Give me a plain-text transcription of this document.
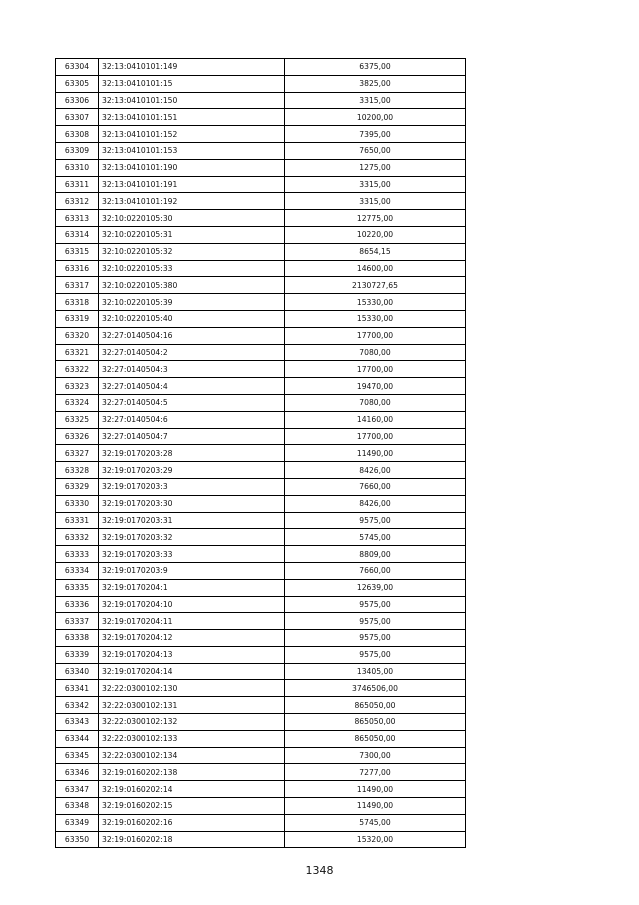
63304	32:13:0410101:149	6375,00
63305	32:13:0410101:15	3825,00
63306	32:13:0410101:150	3315,00
63307	32:13:0410101:151	10200,00
63308	32:13:0410101:152	7395,00
63309	32:13:0410101:153	7650,00
63310	32:13:0410101:190	1275,00
63311	32:13:0410101:191	3315,00
63312	32:13:0410101:192	3315,00
63313	32:10:0220105:30	12775,00
63314	32:10:0220105:31	10220,00
63315	32:10:0220105:32	8654,15
63316	32:10:0220105:33	14600,00
63317	32:10:0220105:380	2130727,65
63318	32:10:0220105:39	15330,00
63319	32:10:0220105:40	15330,00
63320	32:27:0140504:16	17700,00
63321	32:27:0140504:2	7080,00
63322	32:27:0140504:3	17700,00
63323	32:27:0140504:4	19470,00
63324	32:27:0140504:5	7080,00
63325	32:27:0140504:6	14160,00
63326	32:27:0140504:7	17700,00
63327	32:19:0170203:28	11490,00
63328	32:19:0170203:29	8426,00
63329	32:19:0170203:3	7660,00
63330	32:19:0170203:30	8426,00
63331	32:19:0170203:31	9575,00
63332	32:19:0170203:32	5745,00
63333	32:19:0170203:33	8809,00
63334	32:19:0170203:9	7660,00
63335	32:19:0170204:1	12639,00
63336	32:19:0170204:10	9575,00
63337	32:19:0170204:11	9575,00
63338	32:19:0170204:12	9575,00
63339	32:19:0170204:13	9575,00
63340	32:19:0170204:14	13405,00
63341	32:22:0300102:130	3746506,00
63342	32:22:0300102:131	865050,00
63343	32:22:0300102:132	865050,00
63344	32:22:0300102:133	865050,00
63345	32:22:0300102:134	7300,00
63346	32:19:0160202:138	7277,00
63347	32:19:0160202:14	11490,00
63348	32:19:0160202:15	11490,00
63349	32:19:0160202:16	5745,00
63350	32:19:0160202:18	15320,00
1348
